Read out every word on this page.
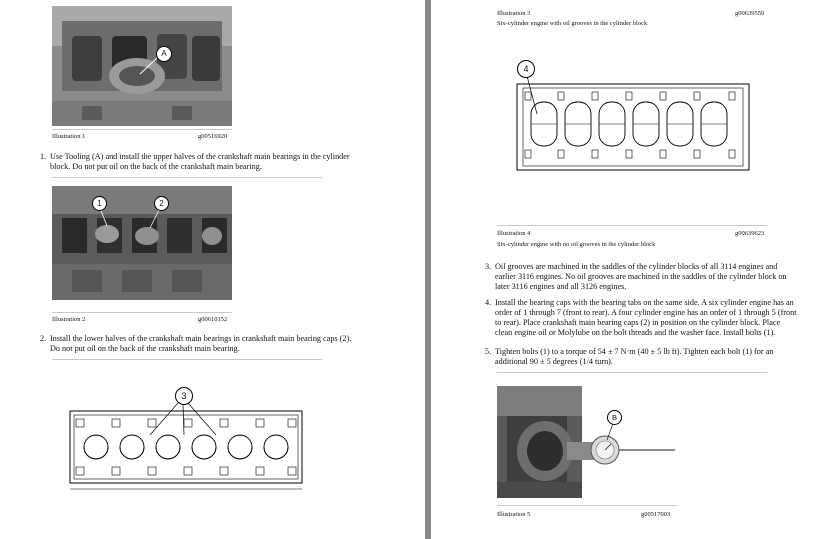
A
Illustration 1	g00516920
1. Use Tooling (A) and install the upper halves of the crankshaft main bearings in the cylinder
block. Do not put oil on the back of the crankshaft main bearing.
1	2
Illustration 2	g00610152
2. Install the lower halves of the crankshaft main bearings in crankshaft main bearing caps (2).
Do not put oil on the back of the crankshaft main bearing.
3
Illustration 3	g00639559
Six-cylinder engine with oil grooves in the cylinder block
4
Illustration 4	g00639623
Six-cylinder engine with no oil grooves in the cylinder block
3. Oil grooves are machined in the saddles of the cylinder blocks of all 3114 engines and
earlier 3116 engines. No oil grooves are machined in the saddles of the cylinder block on
later 3116 engines and all 3126 engines.
4. Install the bearing caps with the bearing tabs on the same side. A six cylinder engine has an
order of 1 through 7 (front to rear). A four cylinder engine has an order of 1 through 5 (front
to rear). Place crankshaft main bearing caps (2) in position on the cylinder block. Place
clean engine oil or Molylube on the bolt threads and the washer face. Install bolts (1).
5. Tighten bolts (1) to a torque of 54 ± 7 N·m (40 ± 5 lb ft). Tighten each bolt (1) for an
additional 90 ± 5 degrees (1/4 turn).
B
Illustration 5	g00517003
